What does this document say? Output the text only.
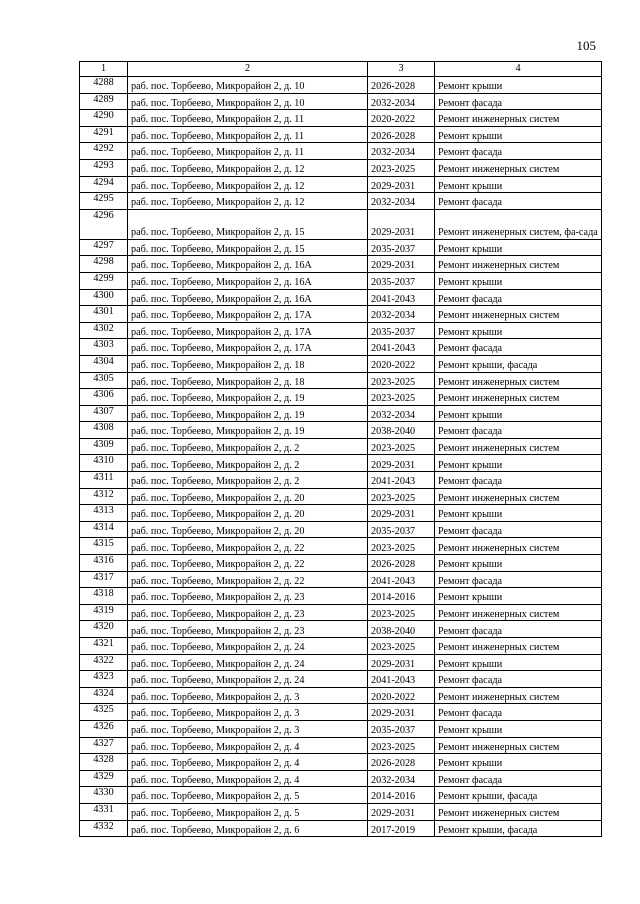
105
1	2	3	4
4288	раб. пос. Торбеево, Микрорайон 2, д. 10	2026-2028	Ремонт крыши
4289	раб. пос. Торбеево, Микрорайон 2, д. 10	2032-2034	Ремонт фасада
4290	раб. пос. Торбеево, Микрорайон 2, д. 11	2020-2022	Ремонт инженерных систем
4291	раб. пос. Торбеево, Микрорайон 2, д. 11	2026-2028	Ремонт крыши
4292	раб. пос. Торбеево, Микрорайон 2, д. 11	2032-2034	Ремонт фасада
4293	раб. пос. Торбеево, Микрорайон 2, д. 12	2023-2025	Ремонт инженерных систем
4294	раб. пос. Торбеево, Микрорайон 2, д. 12	2029-2031	Ремонт крыши
4295	раб. пос. Торбеево, Микрорайон 2, д. 12	2032-2034	Ремонт фасада
4296	раб. пос. Торбеево, Микрорайон 2, д. 15	2029-2031	Ремонт инженерных систем, фа-сада
4297	раб. пос. Торбеево, Микрорайон 2, д. 15	2035-2037	Ремонт крыши
4298	раб. пос. Торбеево, Микрорайон 2, д. 16А	2029-2031	Ремонт инженерных систем
4299	раб. пос. Торбеево, Микрорайон 2, д. 16А	2035-2037	Ремонт крыши
4300	раб. пос. Торбеево, Микрорайон 2, д. 16А	2041-2043	Ремонт фасада
4301	раб. пос. Торбеево, Микрорайон 2, д. 17А	2032-2034	Ремонт инженерных систем
4302	раб. пос. Торбеево, Микрорайон 2, д. 17А	2035-2037	Ремонт крыши
4303	раб. пос. Торбеево, Микрорайон 2, д. 17А	2041-2043	Ремонт фасада
4304	раб. пос. Торбеево, Микрорайон 2, д. 18	2020-2022	Ремонт крыши, фасада
4305	раб. пос. Торбеево, Микрорайон 2, д. 18	2023-2025	Ремонт инженерных систем
4306	раб. пос. Торбеево, Микрорайон 2, д. 19	2023-2025	Ремонт инженерных систем
4307	раб. пос. Торбеево, Микрорайон 2, д. 19	2032-2034	Ремонт крыши
4308	раб. пос. Торбеево, Микрорайон 2, д. 19	2038-2040	Ремонт фасада
4309	раб. пос. Торбеево, Микрорайон 2, д. 2	2023-2025	Ремонт инженерных систем
4310	раб. пос. Торбеево, Микрорайон 2, д. 2	2029-2031	Ремонт крыши
4311	раб. пос. Торбеево, Микрорайон 2, д. 2	2041-2043	Ремонт фасада
4312	раб. пос. Торбеево, Микрорайон 2, д. 20	2023-2025	Ремонт инженерных систем
4313	раб. пос. Торбеево, Микрорайон 2, д. 20	2029-2031	Ремонт крыши
4314	раб. пос. Торбеево, Микрорайон 2, д. 20	2035-2037	Ремонт фасада
4315	раб. пос. Торбеево, Микрорайон 2, д. 22	2023-2025	Ремонт инженерных систем
4316	раб. пос. Торбеево, Микрорайон 2, д. 22	2026-2028	Ремонт крыши
4317	раб. пос. Торбеево, Микрорайон 2, д. 22	2041-2043	Ремонт фасада
4318	раб. пос. Торбеево, Микрорайон 2, д. 23	2014-2016	Ремонт крыши
4319	раб. пос. Торбеево, Микрорайон 2, д. 23	2023-2025	Ремонт инженерных систем
4320	раб. пос. Торбеево, Микрорайон 2, д. 23	2038-2040	Ремонт фасада
4321	раб. пос. Торбеево, Микрорайон 2, д. 24	2023-2025	Ремонт инженерных систем
4322	раб. пос. Торбеево, Микрорайон 2, д. 24	2029-2031	Ремонт крыши
4323	раб. пос. Торбеево, Микрорайон 2, д. 24	2041-2043	Ремонт фасада
4324	раб. пос. Торбеево, Микрорайон 2, д. 3	2020-2022	Ремонт инженерных систем
4325	раб. пос. Торбеево, Микрорайон 2, д. 3	2029-2031	Ремонт фасада
4326	раб. пос. Торбеево, Микрорайон 2, д. 3	2035-2037	Ремонт крыши
4327	раб. пос. Торбеево, Микрорайон 2, д. 4	2023-2025	Ремонт инженерных систем
4328	раб. пос. Торбеево, Микрорайон 2, д. 4	2026-2028	Ремонт крыши
4329	раб. пос. Торбеево, Микрорайон 2, д. 4	2032-2034	Ремонт фасада
4330	раб. пос. Торбеево, Микрорайон 2, д. 5	2014-2016	Ремонт крыши, фасада
4331	раб. пос. Торбеево, Микрорайон 2, д. 5	2029-2031	Ремонт инженерных систем
4332	раб. пос. Торбеево, Микрорайон 2, д. 6	2017-2019	Ремонт крыши, фасада
